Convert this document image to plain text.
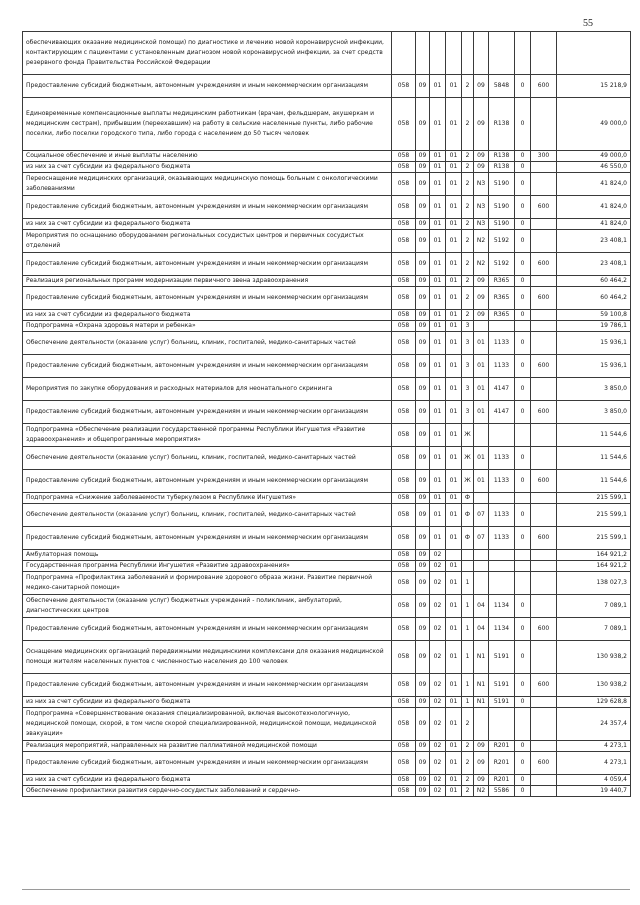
55
обеспечивающих оказание медицинской помощи) по диагностике и лечению новой коронавирусной инфекции, контактирующим с пациентами с установленным диагнозом новой коронавирусной инфекции, за счет средств резервного фонда Правительства Российской Федерации										
Предоставление субсидий бюджетным, автономным учреждениям и иным некоммерческим организациям	058	09	01	01	2	09	5848	0	600	15 218,9
Единовременные компенсационные выплаты медицинским работникам (врачам, фельдшерам, акушеркам и медицинским сестрам), прибывшим (переехавшим) на работу в сельские населенные пункты, либо рабочие поселки, либо поселки городского типа, либо города с населением до 50 тысяч человек	058	09	01	01	2	09	R138	0		49 000,0
Социальное обеспечение и иные выплаты населению	058	09	01	01	2	09	R138	0	300	49 000,0
из них за счет субсидии из федерального бюджета	058	09	01	01	2	09	R138	0		46 550,0
Переоснащение медицинских организаций, оказывающих медицинскую помощь больным с онкологическими заболеваниями	058	09	01	01	2	N3	5190	0		41 824,0
Предоставление субсидий бюджетным, автономным учреждениям и иным некоммерческим организациям	058	09	01	01	2	N3	5190	0	600	41 824,0
из них за счет субсидии из федерального бюджета	058	09	01	01	2	N3	5190	0		41 824,0
Мероприятия по оснащению оборудованием региональных сосудистых центров и первичных сосудистых отделений	058	09	01	01	2	N2	5192	0		23 408,1
Предоставление субсидий бюджетным, автономным учреждениям и иным некоммерческим организациям	058	09	01	01	2	N2	5192	0	600	23 408,1
Реализация региональных программ модернизации первичного звена здравоохранения	058	09	01	01	2	09	R365	0		60 464,2
Предоставление субсидий бюджетным, автономным учреждениям и иным некоммерческим организациям	058	09	01	01	2	09	R365	0	600	60 464,2
из них за счет субсидии из федерального бюджета	058	09	01	01	2	09	R365	0		59 100,8
Подпрограмма «Охрана здоровья матери и ребенка»	058	09	01	01	3					19 786,1
Обеспечение деятельности (оказание услуг) больниц, клиник, госпиталей, медико-санитарных частей	058	09	01	01	3	01	1133	0		15 936,1
Предоставление субсидий бюджетным, автономным учреждениям и иным некоммерческим организациям	058	09	01	01	3	01	1133	0	600	15 936,1
Мероприятия по закупке оборудования и расходных материалов для неонатального скрининга	058	09	01	01	3	01	4147	0		3 850,0
Предоставление субсидий бюджетным, автономным учреждениям и иным некоммерческим организациям	058	09	01	01	3	01	4147	0	600	3 850,0
Подпрограмма «Обеспечение реализации государственной программы Республики Ингушетия «Развитие здравоохранения» и общепрограммные мероприятия»	058	09	01	01	Ж					11 544,6
Обеспечение деятельности (оказание услуг) больниц, клиник, госпиталей, медико-санитарных частей	058	09	01	01	Ж	01	1133	0		11 544,6
Предоставление субсидий бюджетным, автономным учреждениям и иным некоммерческим организациям	058	09	01	01	Ж	01	1133	0	600	11 544,6
Подпрограмма «Снижение заболеваемости туберкулезом в Республике Ингушетия»	058	09	01	01	Ф					215 599,1
Обеспечение деятельности (оказание услуг) больниц, клиник, госпиталей, медико-санитарных частей	058	09	01	01	Ф	07	1133	0		215 599,1
Предоставление субсидий бюджетным, автономным учреждениям и иным некоммерческим организациям	058	09	01	01	Ф	07	1133	0	600	215 599,1
Амбулаторная помощь	058	09	02							164 921,2
Государственная программа Республики Ингушетия «Развитие здравоохранения»	058	09	02	01						164 921,2
Подпрограмма «Профилактика заболеваний и формирование здорового образа жизни. Развитие первичной медико-санитарной помощи»	058	09	02	01	1					138 027,3
Обеспечение деятельности (оказание услуг) бюджетных учреждений - поликлиник, амбулаторий, диагностических центров	058	09	02	01	1	04	1134	0		7 089,1
Предоставление субсидий бюджетным, автономным учреждениям и иным некоммерческим организациям	058	09	02	01	1	04	1134	0	600	7 089,1
Оснащение медицинских организаций передвижными медицинскими комплексами для оказания медицинской помощи жителям населенных пунктов с численностью населения до 100 человек	058	09	02	01	1	N1	5191	0		130 938,2
Предоставление субсидий бюджетным, автономным учреждениям и иным некоммерческим организациям	058	09	02	01	1	N1	5191	0	600	130 938,2
из них за счет субсидии из федерального бюджета	058	09	02	01	1	N1	5191	0		129 628,8
Подпрограмма «Совершенствование оказания специализированной, включая высокотехнологичную, медицинской помощи, скорой, в том числе скорой специализированной, медицинской помощи, медицинской эвакуации»	058	09	02	01	2					24 357,4
Реализация мероприятий, направленных на развитие паллиативной медицинской помощи	058	09	02	01	2	09	R201	0		4 273,1
Предоставление субсидий бюджетным, автономным учреждениям и иным некоммерческим организациям	058	09	02	01	2	09	R201	0	600	4 273,1
из них за счет субсидии из федерального бюджета	058	09	02	01	2	09	R201	0		4 059,4
Обеспечение профилактики развития сердечно-сосудистых заболеваний и сердечно-	058	09	02	01	2	N2	5586	0		19 440,7
